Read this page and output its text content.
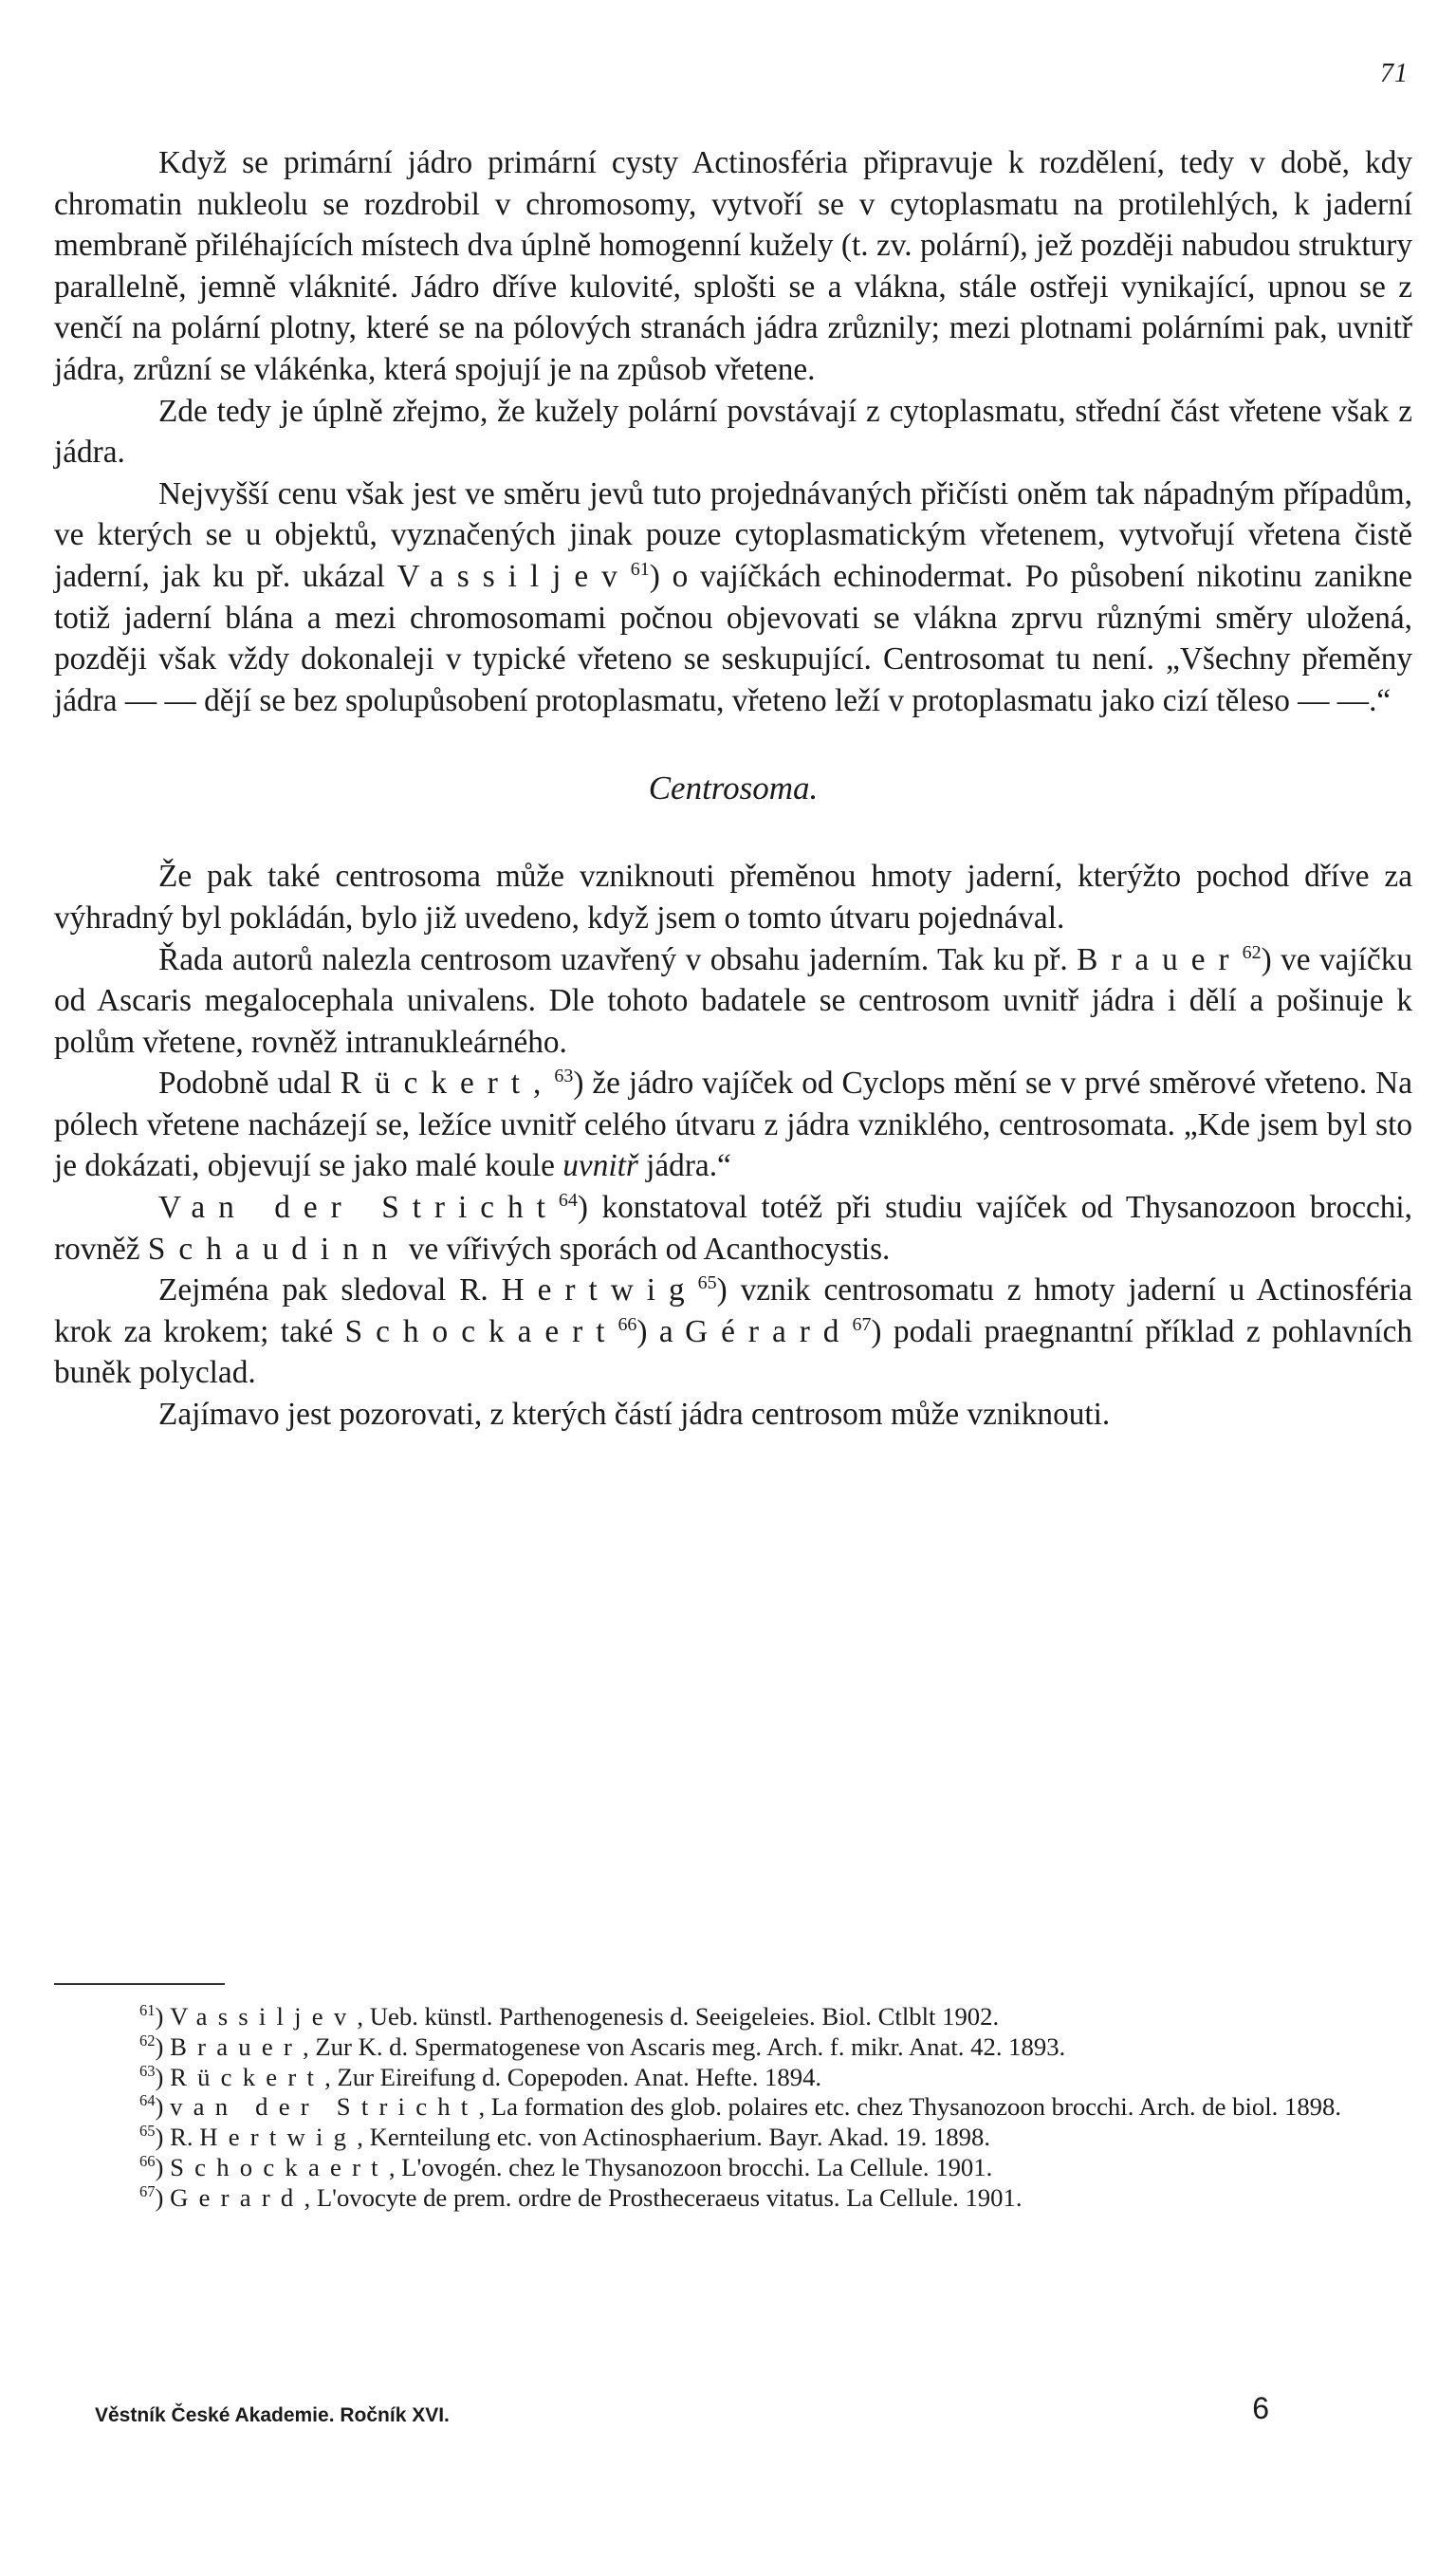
71

Když se primární jádro primární cysty Actinosféria připravuje k rozdělení, tedy v době, kdy chromatin nukleolu se rozdrobil v chromosomy, vytvoří se v cytoplasmatu na protilehlých, k jaderní membraně přiléhajících místech dva úplně homogenní kužely (t. zv. polární), jež později nabudou struktury parallelně, jemně vláknité. Jádro dříve kulovité, splošti se a vlákna, stále ostřeji vynikající, upnou se z venčí na polární plotny, které se na pólových stranách jádra zrůznily; mezi plotnami polárními pak, uvnitř jádra, zrůzní se vlákénka, která spojují je na způsob vřetene.

Zde tedy je úplně zřejmo, že kužely polární povstávají z cytoplasmatu, střední část vřetene však z jádra.

Nejvyšší cenu však jest ve směru jevů tuto projednávaných přičísti oněm tak nápadným případům, ve kterých se u objektů, vyznačených jinak pouze cytoplasmatickým vřetenem, vytvořují vřetena čistě jaderní, jak ku př. ukázal Vassiljev$^{61}$) o vajíčkách echinodermat. Po působení nikotinu zanikne totiž jaderní blána a mezi chromosomami počnou objevovati se vlákna zprvu různými směry uložená, později však vždy dokonaleji v typické vřeteno se seskupující. Centrosomat tu není. „Všechny přeměny jádra — — dějí se bez spolupůsobení protoplasmatu, vřeteno leží v protoplasmatu jako cizí těleso — —.“

Centrosoma.

Že pak také centrosoma může vzniknouti přeměnou hmoty jaderní, kterýžto pochod dříve za výhradný byl pokládán, bylo již uvedeno, když jsem o tomto útvaru pojednával.

Řada autorů nalezla centrosom uzavřený v obsahu jaderním. Tak ku př. Brauer$^{62}$) ve vajíčku od Ascaris megalocephala univalens. Dle tohoto badatele se centrosom uvnitř jádra i dělí a pošinuje k polům vřetene, rovněž intranukleárného.

Podobně udal Rückert,$^{63}$) že jádro vajíček od Cyclops mění se v prvé směrové vřeteno. Na pólech vřetene nacházejí se, ležíce uvnitř celého útvaru z jádra vzniklého, centrosomata. „Kde jsem byl sto je dokázati, objevují se jako malé koule uvnitř jádra.“

Van der Stricht$^{64}$) konstatoval totéž při studiu vajíček od Thysanozoon brocchi, rovněž Schaudinn ve vířivých sporách od Acanthocystis.

Zejména pak sledoval R. Hertwig$^{65}$) vznik centrosomatu z hmoty jaderní u Actinosféria krok za krokem; také Schockaert$^{66}$) a Gérard$^{67}$) podali praegnantní příklad z pohlavních buněk polyclad.

Zajímavo jest pozorovati, z kterých částí jádra centrosom může vzniknouti.

$^{61}$) Vassiljev, Ueb. künstl. Parthenogenesis d. Seeigeleies. Biol. Ctlblt 1902.

$^{62}$) Brauer, Zur K. d. Spermatogenese von Ascaris meg. Arch. f. mikr. Anat. 42. 1893.

$^{63}$) Rückert, Zur Eireifung d. Copepoden. Anat. Hefte. 1894.

$^{64}$) van der Stricht, La formation des glob. polaires etc. chez Thysanozoon brocchi. Arch. de biol. 1898.

$^{65}$) R. Hertwig, Kernteilung etc. von Actinosphaerium. Bayr. Akad. 19. 1898.

$^{66}$) Schockaert, L'ovogén. chez le Thysanozoon brocchi. La Cellule. 1901.

$^{67}$) Gerard, L'ovocyte de prem. ordre de Prostheceraeus vitatus. La Cellule. 1901.

Věstník České Akademie. Ročník XVI.	6
